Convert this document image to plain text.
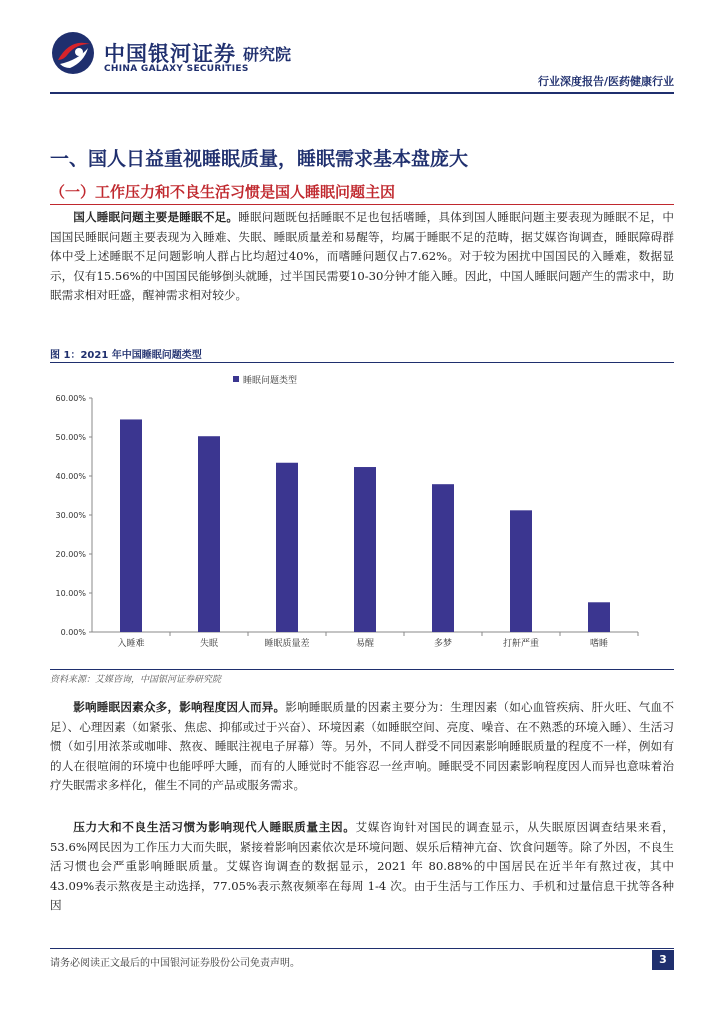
中国银河证券
CHINA GALAXY SECURITIES
研究院
行业深度报告/医药健康行业
一、国人日益重视睡眠质量，睡眠需求基本盘庞大
（一）工作压力和不良生活习惯是国人睡眠问题主因
国人睡眠问题主要是睡眠不足。睡眠问题既包括睡眠不足也包括嗜睡，具体到国人睡眠问题主要表现为睡眠不足，中国国民睡眠问题主要表现为入睡难、失眠、睡眠质量差和易醒等，均属于睡眠不足的范畴，据艾媒咨询调查，睡眠障碍群体中受上述睡眠不足问题影响人群占比均超过40%，而嗜睡问题仅占7.62%。对于较为困扰中国国民的入睡难，数据显示，仅有15.56%的中国国民能够倒头就睡，过半国民需要10-30分钟才能入睡。因此，中国人睡眠问题产生的需求中，助眠需求相对旺盛，醒神需求相对较少。
图 1：2021 年中国睡眠问题类型
睡眠问题类型
0.00%
10.00%
20.00%
30.00%
40.00%
50.00%
60.00%
入睡难	失眠	睡眠质量差	易醒	多梦	打鼾严重	嗜睡
资料来源：艾媒咨询，中国银河证券研究院
影响睡眠因素众多，影响程度因人而异。影响睡眠质量的因素主要分为：生理因素（如心血管疾病、肝火旺、气血不足）、心理因素（如紧张、焦虑、抑郁或过于兴奋）、环境因素（如睡眠空间、亮度、噪音、在不熟悉的环境入睡）、生活习惯（如引用浓茶或咖啡、熬夜、睡眠注视电子屏幕）等。另外，不同人群受不同因素影响睡眠质量的程度不一样，例如有的人在很喧闹的环境中也能呼呼大睡，而有的人睡觉时不能容忍一丝声响。睡眠受不同因素影响程度因人而异也意味着治疗失眠需求多样化，催生不同的产品或服务需求。
压力大和不良生活习惯为影响现代人睡眠质量主因。艾媒咨询针对国民的调查显示，从失眠原因调查结果来看，53.6%网民因为工作压力大而失眠，紧接着影响因素依次是环境问题、娱乐后精神亢奋、饮食问题等。除了外因，不良生活习惯也会严重影响睡眠质量。艾媒咨询调查的数据显示，2021 年 80.88%的中国居民在近半年有熬过夜，其中 43.09%表示熬夜是主动选择，77.05%表示熬夜频率在每周 1-4 次。由于生活与工作压力、手机和过量信息干扰等各种因
请务必阅读正文最后的中国银河证券股份公司免责声明。	3
